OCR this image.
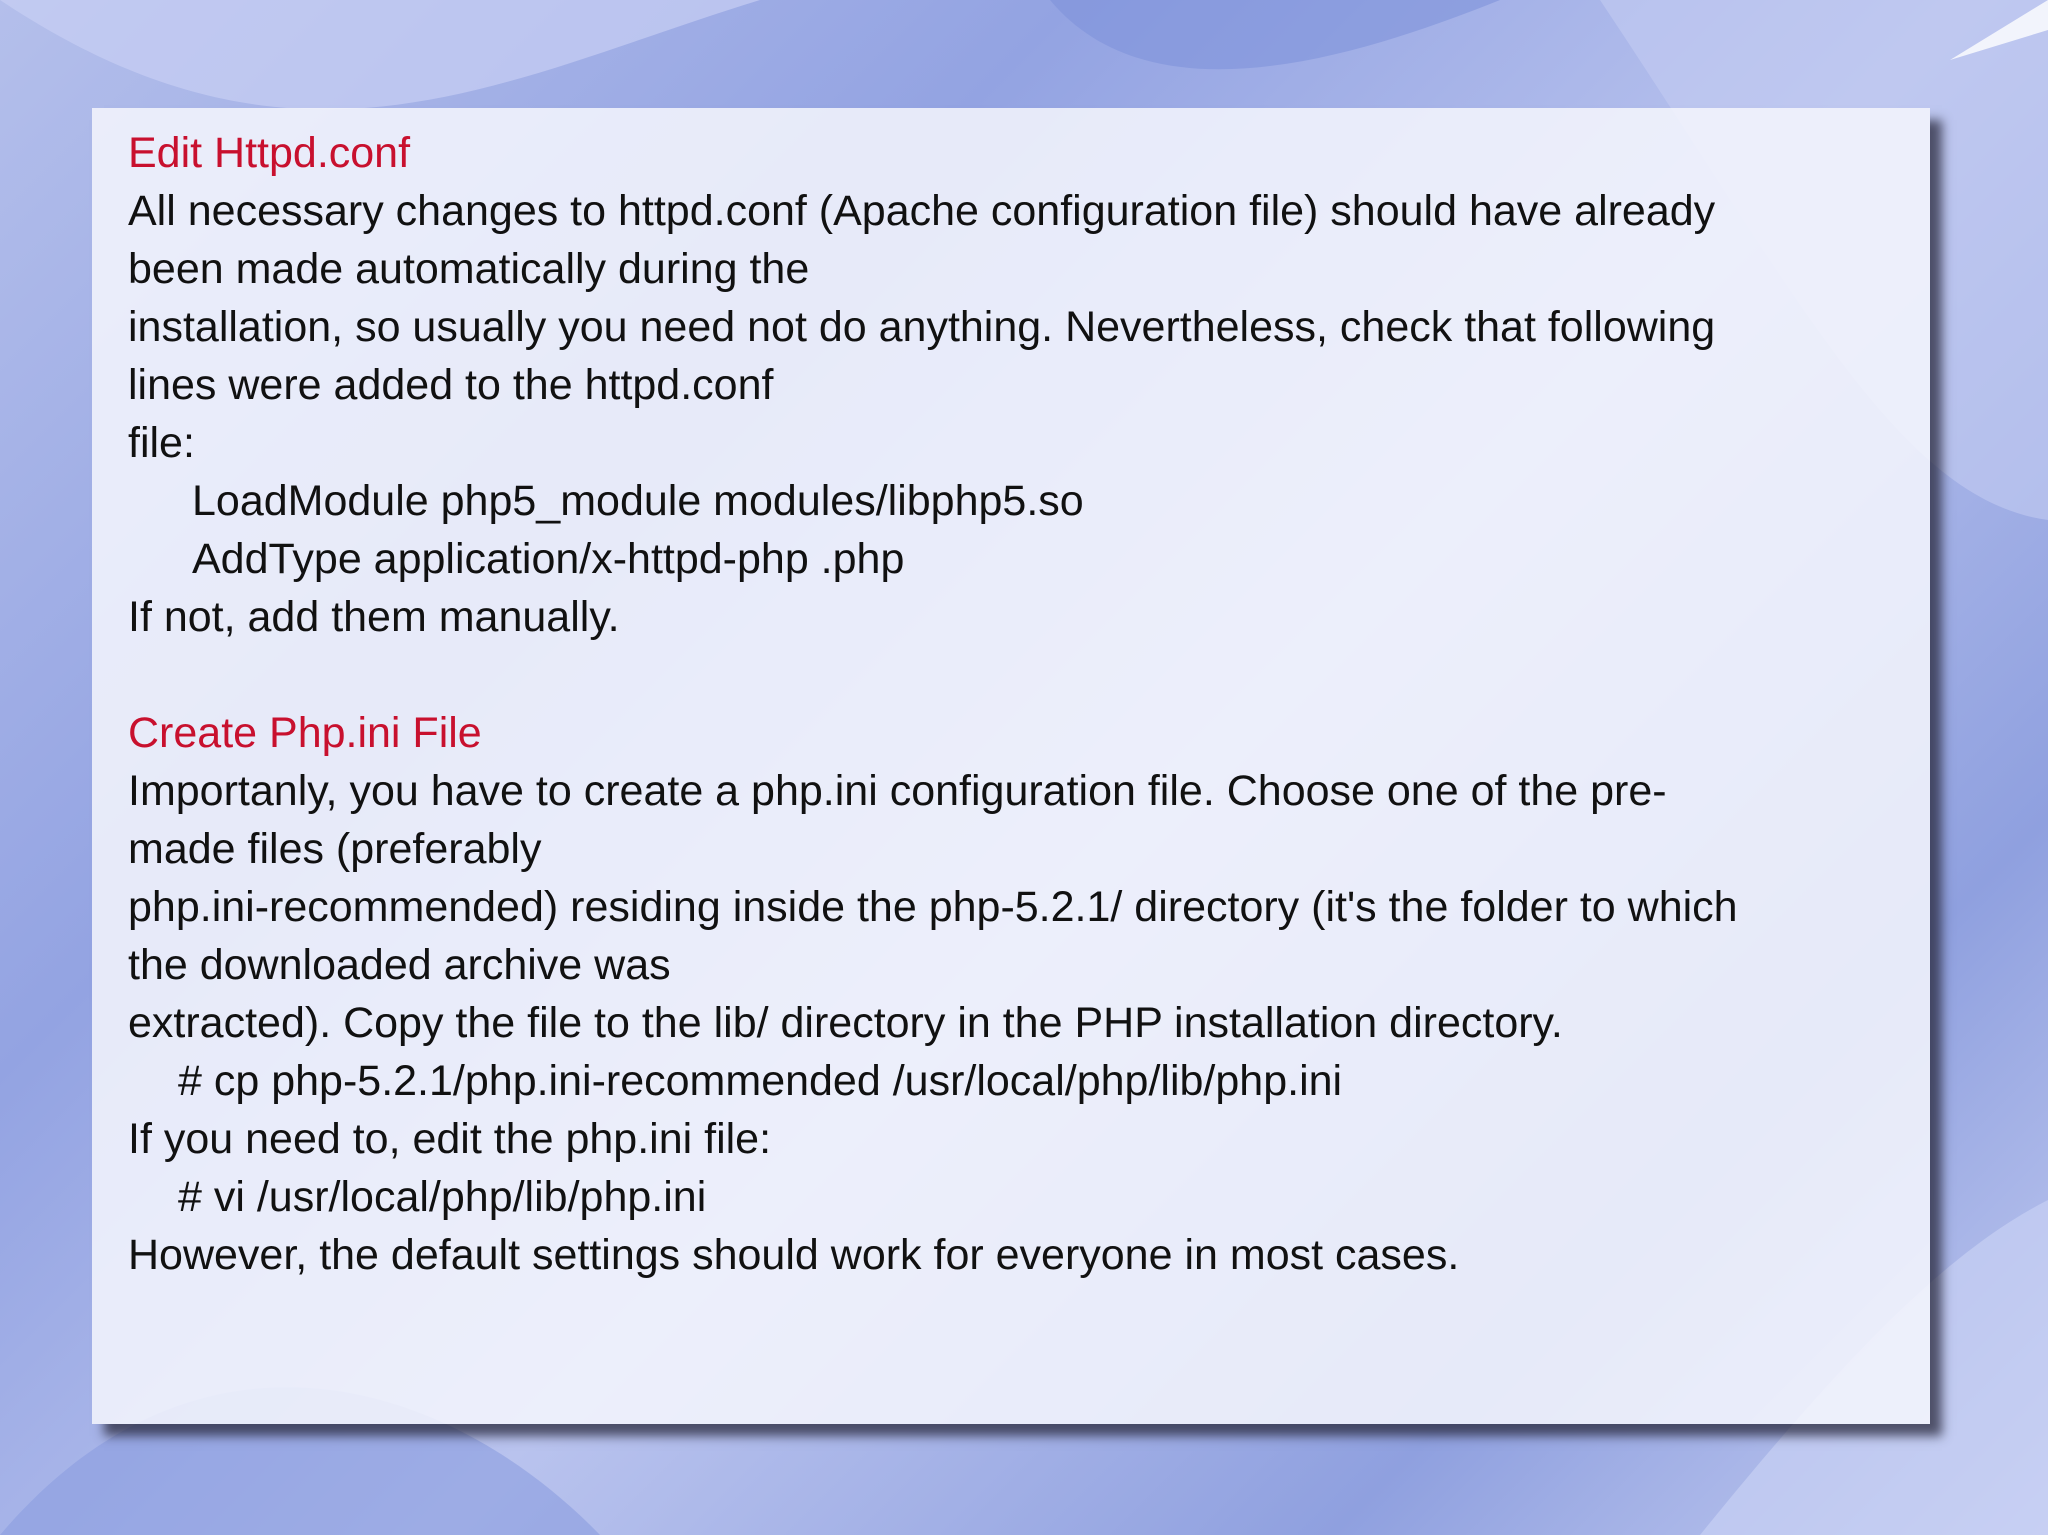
Edit Httpd.conf
All necessary changes to httpd.conf (Apache configuration file) should have already
been made automatically during the
installation, so usually you need not do anything. Nevertheless, check that following
lines were added to the httpd.conf
file:
LoadModule php5_module modules/libphp5.so
AddType application/x-httpd-php .php
If not, add them manually.
Create Php.ini File
Importanly, you have to create a php.ini configuration file. Choose one of the pre-
made files (preferably
php.ini-recommended) residing inside the php-5.2.1/ directory (it's the folder to which
the downloaded archive was
extracted). Copy the file to the lib/ directory in the PHP installation directory.
# cp php-5.2.1/php.ini-recommended /usr/local/php/lib/php.ini
If you need to, edit the php.ini file:
# vi /usr/local/php/lib/php.ini
However, the default settings should work for everyone in most cases.
